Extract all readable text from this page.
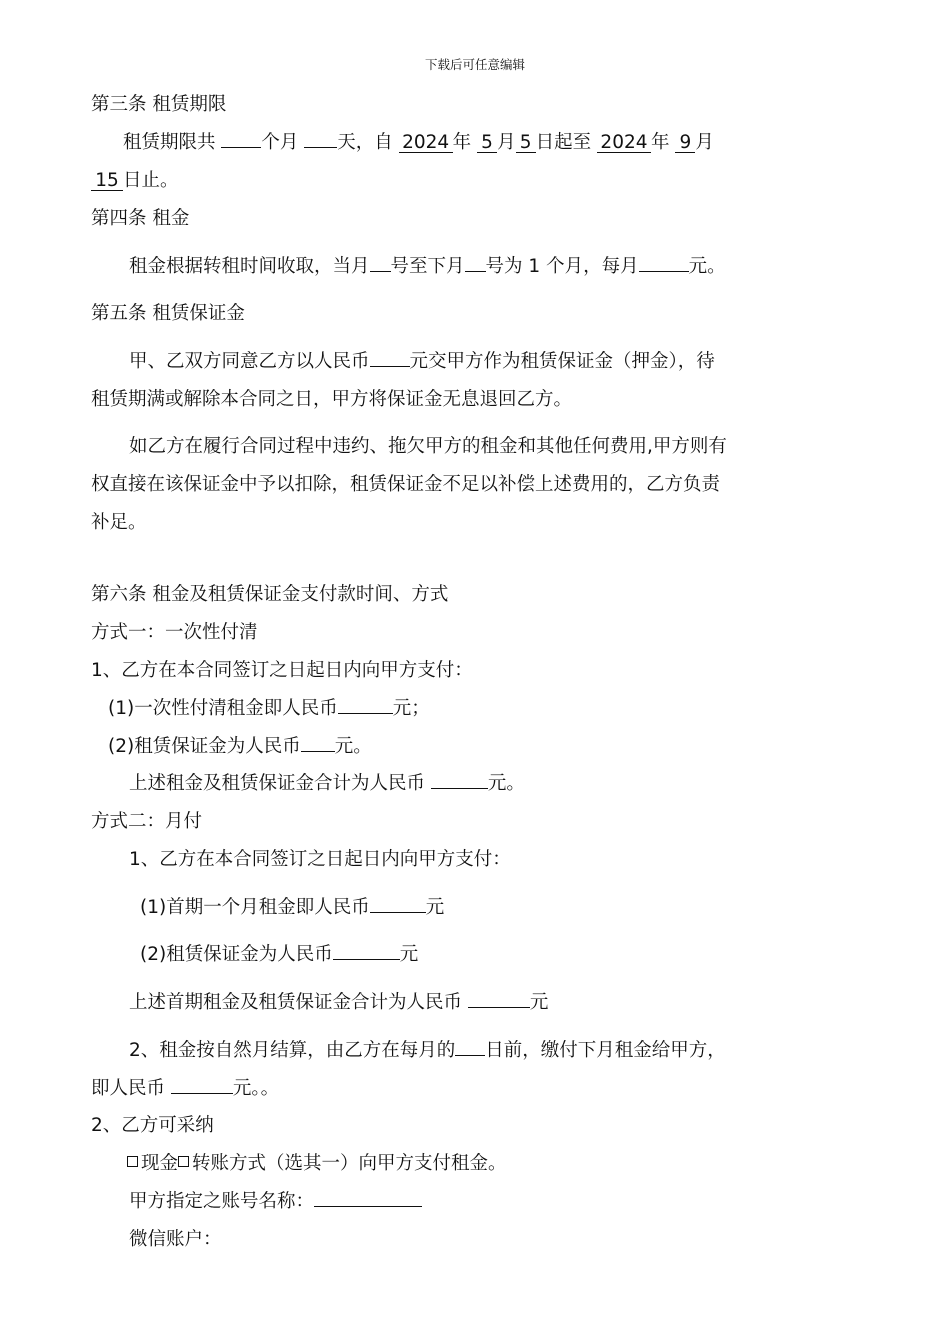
下载后可任意编辑
第三条 租赁期限
租赁期限共 个月 天，自 2024 年 5 月 5 日起至 2024 年 9 月
15 日止。
第四条 租金
租金根据转租时间收取，当月 号至下月 号为 1 个月，每月	元。
第五条 租赁保证金
甲、乙双方同意乙方以人民币 元交甲方作为租赁保证金（押金），待
租赁期满或解除本合同之日，甲方将保证金无息退回乙方。
如乙方在履行合同过程中违约、拖欠甲方的租金和其他任何费用,甲方则有
权直接在该保证金中予以扣除，租赁保证金不足以补偿上述费用的，乙方负责
补足。
第六条 租金及租赁保证金支付款时间、方式
方式一：一次性付清
1、乙方在本合同签订之日起日内向甲方支付：
(1)一次性付清租金即人民币	元；
(2)租赁保证金为人民币 元。
上述租金及租赁保证金合计为人民币	元。
方式二：月付
1、乙方在本合同签订之日起日内向甲方支付：
(1)首期一个月租金即人民币	元
(2)租赁保证金为人民币	元
上述首期租金及租赁保证金合计为人民币	元
2、租金按自然月结算，由乙方在每月的 日前，缴付下月租金给甲方，
即人民币	元。。
2、乙方可采纳
现金 转账方式（选其一）向甲方支付租金。
甲方指定之账号名称：
微信账户：
